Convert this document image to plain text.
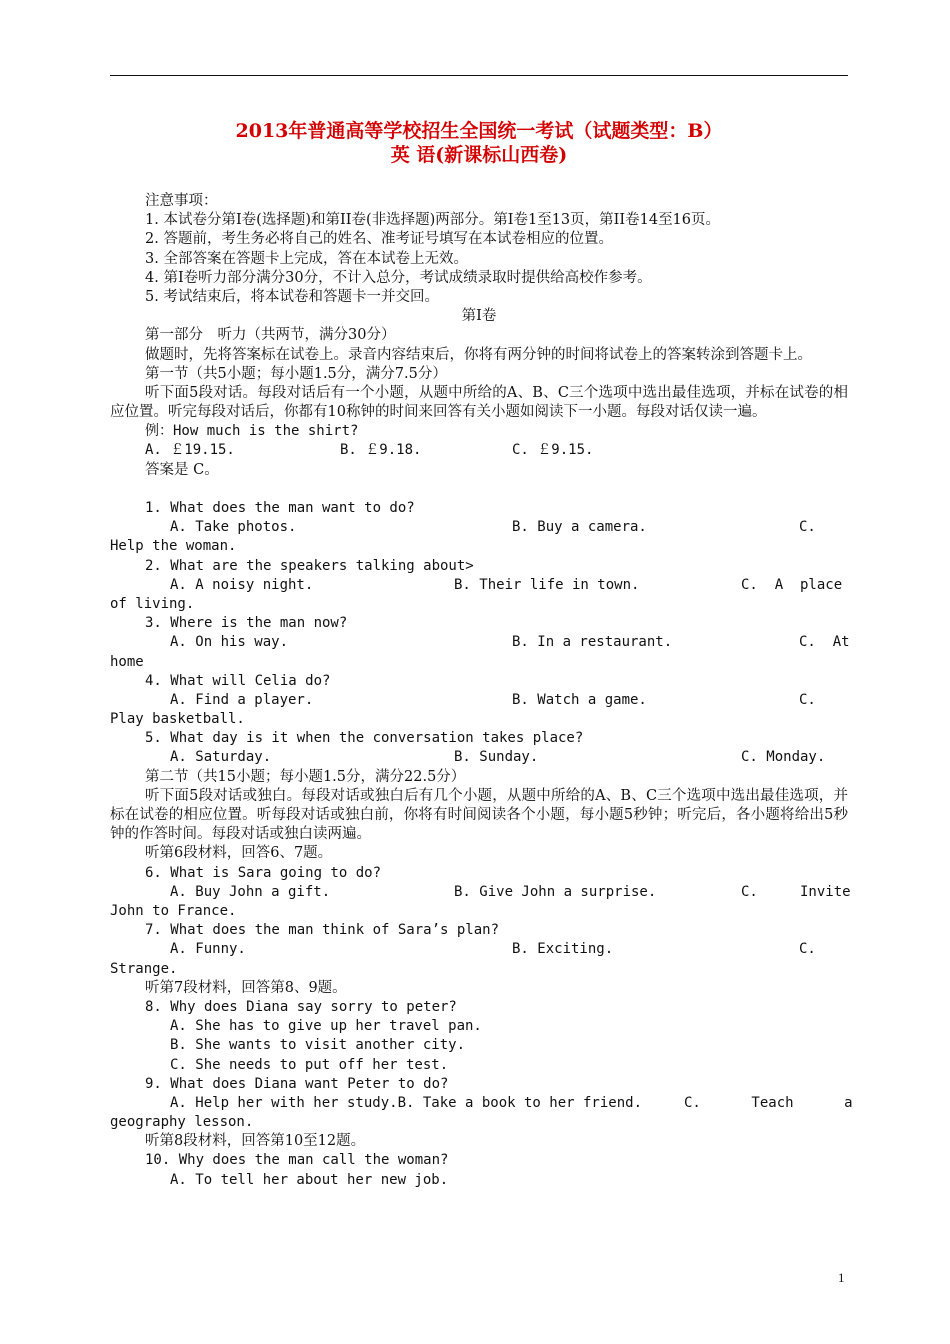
2013年普通高等学校招生全国统一考试（试题类型：B）
英 语(新课标山西卷)
注意事项：
1. 本试卷分第Ⅰ卷(选择题)和第II卷(非选择题)两部分。第Ⅰ卷1至13页，第II卷14至16页。
2. 答题前，考生务必将自己的姓名、准考证号填写在本试卷相应的位置。
3. 全部答案在答题卡上完成，答在本试卷上无效。
4. 第Ⅰ卷听力部分满分30分，不计入总分，考试成绩录取时提供给高校作参考。
5. 考试结束后，将本试卷和答题卡一并交回。
第Ⅰ卷
第一部分　听力（共两节，满分30分）
做题时，先将答案标在试卷上。录音内容结束后，你将有两分钟的时间将试卷上的答案转涂到答题卡上。
第一节（共5小题；每小题1.5分，满分7.5分）
听下面5段对话。每段对话后有一个小题，从题中所给的A、B、C三个选项中选出最佳选项，并标在试卷的相应位置。听完每段对话后，你都有10称钟的时间来回答有关小题如阅读下一小题。每段对话仅读一遍。
例：How much is the shirt?
A. ￡19.15.	B. ￡9.18.	C. ￡9.15.
答案是 C。
1. What does the man want to do?
A. Take photos.	B. Buy a camera.	C.
Help the woman.
2. What are the speakers talking about>
A. A noisy night.	B. Their life in town.	C.  A  place
of living.
3. Where is the man now?
A. On his way.	B. In a restaurant.	C.  At
home
4. What will Celia do?
A. Find a player.	B. Watch a game.	C.
Play basketball.
5. What day is it when the conversation takes place?
A. Saturday.	B. Sunday.	C. Monday.
第二节（共15小题；每小题1.5分，满分22.5分）
听下面5段对话或独白。每段对话或独白后有几个小题，从题中所给的A、B、C三个选项中选出最佳选项，并标在试卷的相应位置。听每段对话或独白前，你将有时间阅读各个小题，每小题5秒钟；听完后，各小题将给出5秒钟的作答时间。每段对话或独白读两遍。
听第6段材料，回答6、7题。
6. What is Sara going to do?
A. Buy John a gift.	B. Give John a surprise.	C.     Invite
John to France.
7. What does the man think of Sara’s plan?
A. Funny.	B. Exciting.	C.
Strange.
听第7段材料，回答第8、9题。
8. Why does Diana say sorry to peter?
A. She has to give up her travel pan.
B. She wants to visit another city.
C. She needs to put off her test.
9. What does Diana want Peter to do?
A. Help her with her study.B. Take a book to her friend.	C.      Teach      a
geography lesson.
听第8段材料，回答第10至12题。
10. Why does the man call the woman?
A. To tell her about her new job.
1
